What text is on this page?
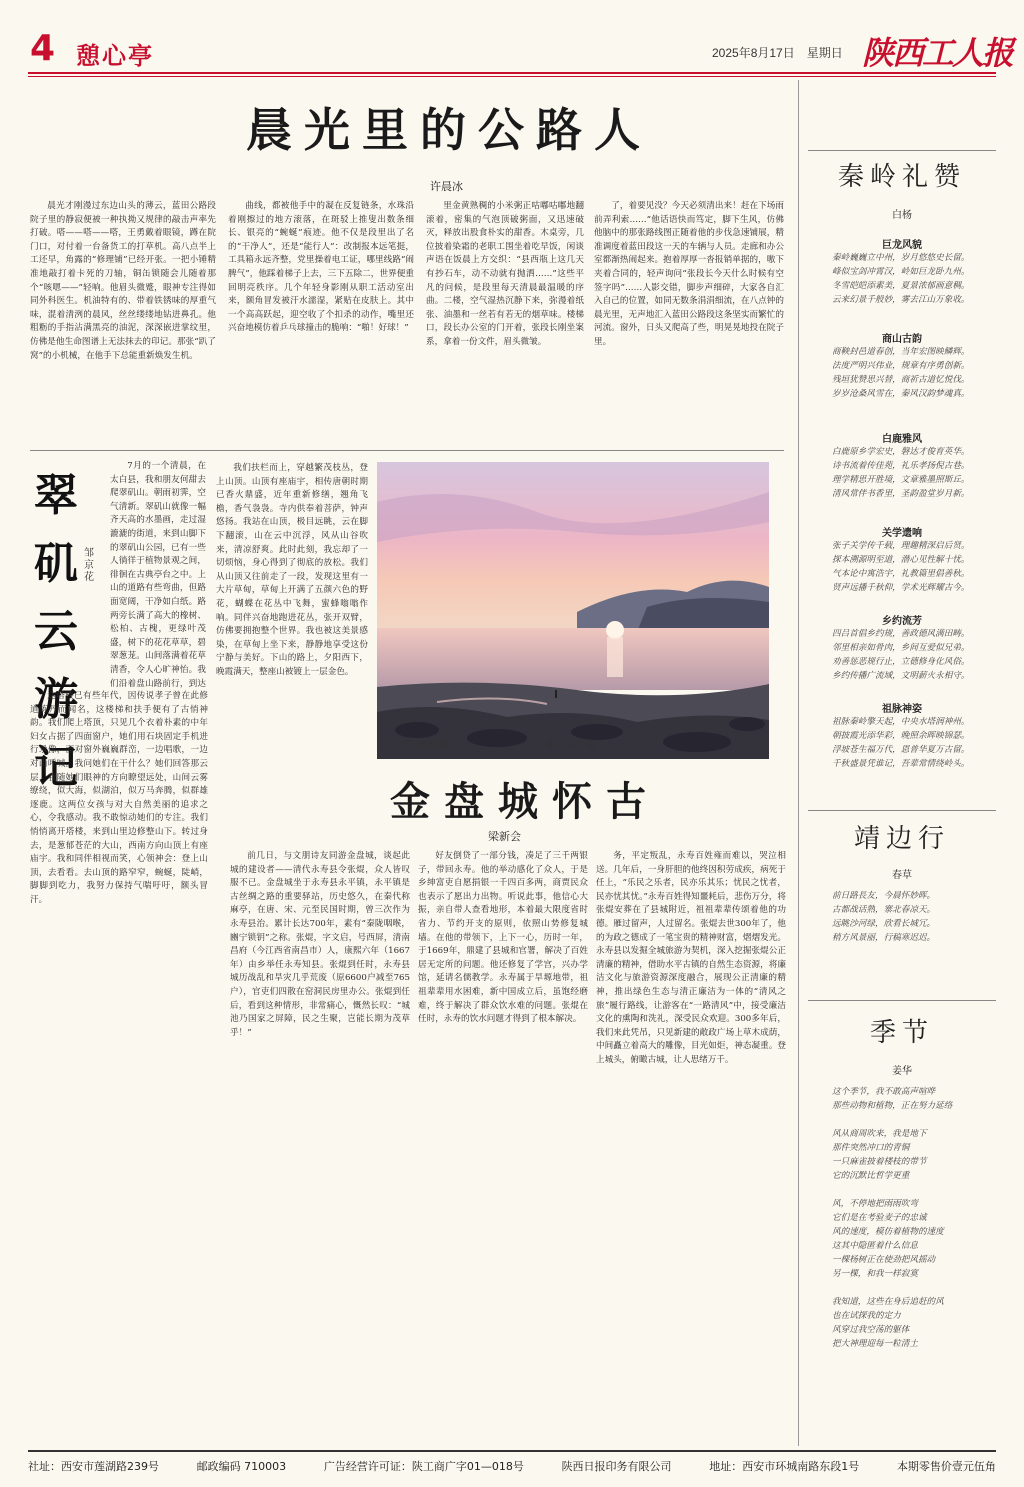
4 憩心亭	2025年8月17日　星期日 陕西工人报
晨光里的公路人
许晨冰

晨光才刚漫过东边山头的薄云，蓝田公路段院子里的静寂便被一种执拗又规律的敲击声率先打破。嗒——嗒——嗒，王勇戴着眼镜，蹲在院门口，对付着一台备货工的打草机。高八点半上工还早，角露的“修理铺”已经开张。一把小锤精准地敲打着卡死的刀轴，铜缶锁随会儿随着那个“咳嗯——”轻响。他眉头微蹙，眼神专注得如同外科医生。机油特有的、带着铁锈味的厚重气味，混着清洌的晨风，丝丝缕缕地钻进鼻孔。他粗粝的手指沾满黑亮的油泥，深深嵌进掌纹里，仿佛是他生命图谱上无法抹去的印记。那张“趴了窝”的小机械，在他手下总能重新焕发生机。

曲线，都被他手中的凝在反复链条，水珠沿着刚擦过的地方滚落，在斑驳上推叟出数条细长、银亮的“蜿蜒”痕迹。他不仅是段里出了名的“干净人”，还是“能行人”：改制报本远笔挺，工具箱永远齐整，党里操着电工证，哪里线路“闹脾气”，他踩着梯子上去，三下五除二，世界便重回明亮秩序。几个年轻身影刚从职工活动室出来，额角冒发被汗水濡湿，紧贴在皮肤上。其中一个高高跃起，迎空收了个扣杀的动作，嘴里还兴奋地模仿着乒乓球撞击的脆响：“啪！好球！”

里金黄熟稠的小米粥正咕嘟咕嘟地翻滚着，密集的气泡顶破粥面，又迅速破灭，释放出股食朴实的甜香。木桌旁，几位披着染霜的老职工围坐着吃早饭，闲谈声语在饭晨上方交织：“县西瓶上这几天有抄石车，动不动就有抛洒……”这些平凡的问候，是段里每天清晨最温暖的序曲。二楼，空气湿热沉静下来，弥漫着纸张、油墨和一丝若有若无的烟草味。楼梯口，段长办公室的门开着，张段长刚坐案系，拿着一份文件，眉头微皱。

了，着要见没？今天必须清出来！赶在下场雨前弄利索……“他话语快而笃定，脚下生风，仿佛他脑中的那张路线图正随着他的步伐急速铺展，精准调度着蓝田段这一天的车辆与人员。走廊和办公室都渐热闹起来。抱着厚厚一沓报销单据的，嗷下夹着合同的，轻声询问“张段长今天什么时候有空签字吗”……人影交错，脚步声细碎，大家各自汇入自己的位置，如同无数条涓涓细流，在八点钟的晨光里，无声地汇入蓝田公路段这条坚实而繁忙的河流。窗外，日头又爬高了些，明晃晃地投在院子里。

翠
矶
云
游
记
邹京花

7月的一个清晨，在太白县，我和朋友何甜去爬翠矶山。朝雨初霁，空气清新。翠矶山就像一幅齐天高的水墨画，走过湿漉漉的街道，来到山脚下的翠矶山公园，已有一些人徜徉于植物景观之间，徘徊在古典亭台之中。上山的道路有些弯曲，但路面宽阔，干净如白纸。路两旁长满了高大的橡树、松柏、古槐，更绿叶茂盛，树下的花花草草，碧翠葱茏。山间落满着花草清香，令人心旷神怡。我们沿着盘山路前行，到达

这塔楼已有些年代，因传说孝子曾在此修道炼丹而闻名，这楼梯和扶手便有了古悄神韵。我们爬上塔顶，只见几个衣着朴素的中年妇女占据了四面窗户，她们用石块固定手机进行录像，面对窗外巍巍群峦，一边唱歌，一边对山呼喊。我问她们在干什么？她们回答那云层，我随她们眼神的方向瞭望远处，山间云雾缭绕，似大海，似湖泊，似万马奔腾，似群雄逐鹿。这两位女孩与对大自然美丽的追求之心，令我感动。我不敢惊动她们的专注。我们悄悄离开塔楼，来到山里边修整山下。转过身去，是葱郁苍茫的大山，西南方向山顶上有座庙宇。我和同伴相视而笑，心领神会：登上山顶，去看看。去山顶的路窄窄，蜿蜒，陡峭，脚脚到吃力，我努力保持气喘吁吁，额头冒汗。

我们扶栏而上，穿越繁茂枝丛，登上山顶。山顶有座庙宇，相传唐朝时期已香火鼎盛，近年重新修缮，翘角飞檐，香气袅袅。寺内供奉着菩萨，钟声悠扬。我站在山顶，极目远眺，云在脚下翻滚，山在云中沉浮，风从山谷吹来，清凉舒爽。此时此刻，我忘却了一切烦恼，身心得到了彻底的放松。我们从山顶又往前走了一段，发现这里有一大片草甸，草甸上开满了五颜六色的野花，蝴蝶在花丛中飞舞，蜜蜂嗡嗡作响。同伴兴奋地跑进花丛，张开双臂，仿佛要拥抱整个世界。我也被这美景感染，在草甸上坐下来，静静地享受这份宁静与美好。下山的路上，夕阳西下，晚霞满天，整座山被镀上一层金色。

日出东海	翟芸言　摄
金盘城怀古
梁新会

前几日，与文朋诗友同游金盘城，谈起此城的建设者——清代永寿县令张焜，众人皆叹服不已。金盘城坐于永寿县永平镇，永平镇是古丝绸之路的重要驿站，历史悠久，在秦代称麻亭，在唐、宋、元至民国时期，曾三次作为永寿县治。累计长达700年，素有“秦陇咽喉，豳宁锁钥”之称。张焜，字文启，号西屏，清南昌府（今江西省南昌市）人，康熙六年（1667年）由乡举任永寿知县。张焜到任时，永寿县城历战乱和旱灾几乎荒废（原6600户减至765户），官吏们四散在窑洞民房里办公。张焜到任后，看到这种情形，非常痛心，慨然长叹：“城池乃国家之屏障，民之生聚，岂能长期为茂草乎！”

好友倒贷了一部分钱，凑足了三千两银子，带回永寿。他的举动感化了众人，于是乡绅富吏自愿捐银一千四百多两，商贾民众也表示了愿出力出物。听说此事，他信心大振，亲自带人查看地形，本着最大限度省时省力、节约开支的原则，依照山势修复城墙。在他的带领下，上下一心，历时一年，于1669年，鼎建了县城和官署，解决了百姓居无定所的问题。他还修复了学宫，兴办学馆，延请名儒教学。永寿属于旱塬地带，祖祖辈辈用水困难，新中国成立后，虽饱经磨难，终于解决了群众饮水难的问题。张焜在任时，永寿的饮水问题才得到了根本解决。

务，平定叛乱，永寿百姓雍而难以，哭泣相送。几年后，一身肝胆的他终因积劳成疾，病死于任上，“乐民之乐者，民亦乐其乐；忧民之忧者，民亦忧其忧。”永寿百姓得知噩耗后，悲伤万分，将张焜安葬在了县城附近，祖祖辈辈传颂着他的功德。雁过留声，人过留名。张焜去世300年了，他的为政之德成了一笔宝贵的精神财富，熠熠发光。永寿县以发掘全城旅游为契机，深入挖掘张焜公正清廉的精神，借助水平古镇的自然生态资源，将廉洁文化与旅游资源深度融合，展现公正清廉的精神，推出绿色生态与清正廉洁为一体的“清风之旅”履行路线，让游客在“一路清风”中，接受廉洁文化的熏陶和洗礼，深受民众欢迎。300多年后，我们来此凭吊，只见新建的敞政广场上草木成荫，中间矗立着高大的雕像，目光如炬，神态凝重。登上城头，俯瞰古城，让人思绪万千。

秦岭礼赞
白杨
巨龙风貌
秦岭巍巍立中州，岁月悠悠史长留。
峰似宝剑冲霄汉，岭如巨龙卧九州。
冬雪皑皑添素美，夏景浓郁画意稠。
云来幻景千般妙，雾去江山万象收。
商山古韵
商鞅封邑道春创，当年宏图映鳞辉。
法度严明兴伟业，规章有序勇创新。
残垣犹赞思兴替，商祈古道忆悦伐。
岁岁沧桑风雪在，秦风汉韵梦魂真。
白鹿雅风
白鹿原乡学宏史，磐达才俊育英华。
诗书流着传佳苑，礼乐孝扬倪古巷。
理学精思开胜境，文章雅墨照斯丘。
清风常伴书香里，圣韵盈堂岁月新。
关学遗响
张子关学传千载，理趣精深启后贤。
探本溯源明至道，潜心见性解十忧。
气本论中寓浩宇，礼教篇里倡善秋。
贤声远播千秋仰，学术光辉耀古今。
乡约流芳
四吕首倡乡约规，善政德风满田畴。
邻里相亲如骨肉，乡间互爱似兄弟。
劝善惩恶规行止，立德修身化风俗。
乡约传播广流域，文明薪火永相守。
祖脉神姿
祖脉秦岭擎天起，中央水塔润神州。
朝披霞光添华彩，晚照余晖映锦瑟。
浮坡苍生福万代，恩普华夏万古留。
千秋盛景凭谁记，吾辈常情绕岭头。
靖边行
春草
前日路長友，今晨怀妙晖。
古都战话熟，寨北春凉天。
远眺沙河绿，欣看长城冗。
稍方风景丽，行稿寒迟迟。
季节
姜华
这个季节，我不敢高声喧哗
那些动物和植物，正在努力延络
风从商周吹来，我是地下
那件突然冲口的青铜
一只麻雀披着楼枝的带节
它的沉默比哲学更重
风，不停地把雨雨吹弯
它们是在考验麦子的忠诚
风的速度，模仿着植物的速度
这其中隐匿着什么信息
一棵杨树正在使劲把风摇动
另一棵，和我一样寂寞
我知道，这些在身后追赶的风
也在试探我的定力
风穿过我空荡的躯体
把大神理迎每一粒清土
社址：西安市莲湖路239号	邮政编码 710003	广告经营许可证：陕工商广字01—018号	陕西日报印务有限公司	地址：西安市环城南路东段1号	本期零售价壹元伍角
